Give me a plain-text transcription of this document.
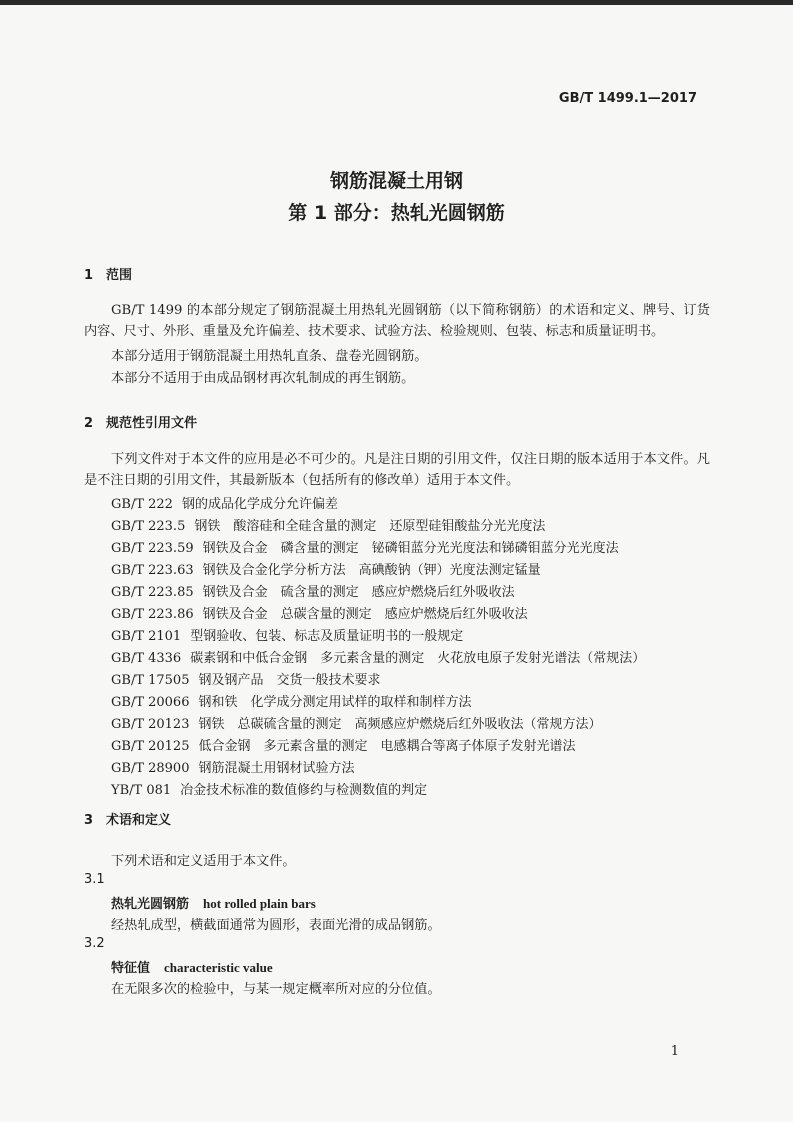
GB/T 1499.1—2017
钢筋混凝土用钢
第 1 部分：热轧光圆钢筋
1 范围
GB/T 1499 的本部分规定了钢筋混凝土用热轧光圆钢筋（以下简称钢筋）的术语和定义、牌号、订货内容、尺寸、外形、重量及允许偏差、技术要求、试验方法、检验规则、包装、标志和质量证明书。
本部分适用于钢筋混凝土用热轧直条、盘卷光圆钢筋。
本部分不适用于由成品钢材再次轧制成的再生钢筋。
2 规范性引用文件
下列文件对于本文件的应用是必不可少的。凡是注日期的引用文件，仅注日期的版本适用于本文件。凡是不注日期的引用文件，其最新版本（包括所有的修改单）适用于本文件。
GB/T 222 钢的成品化学成分允许偏差
GB/T 223.5 钢铁　酸溶硅和全硅含量的测定　还原型硅钼酸盐分光光度法
GB/T 223.59 钢铁及合金　磷含量的测定　铋磷钼蓝分光光度法和锑磷钼蓝分光光度法
GB/T 223.63 钢铁及合金化学分析方法　高碘酸钠（钾）光度法测定锰量
GB/T 223.85 钢铁及合金　硫含量的测定　感应炉燃烧后红外吸收法
GB/T 223.86 钢铁及合金　总碳含量的测定　感应炉燃烧后红外吸收法
GB/T 2101 型钢验收、包装、标志及质量证明书的一般规定
GB/T 4336 碳素钢和中低合金钢　多元素含量的测定　火花放电原子发射光谱法（常规法）
GB/T 17505 钢及钢产品　交货一般技术要求
GB/T 20066 钢和铁　化学成分测定用试样的取样和制样方法
GB/T 20123 钢铁　总碳硫含量的测定　高频感应炉燃烧后红外吸收法（常规方法）
GB/T 20125 低合金钢　多元素含量的测定　电感耦合等离子体原子发射光谱法
GB/T 28900 钢筋混凝土用钢材试验方法
YB/T 081 冶金技术标准的数值修约与检测数值的判定
3 术语和定义
下列术语和定义适用于本文件。
3.1
热轧光圆钢筋 hot rolled plain bars
经热轧成型，横截面通常为圆形，表面光滑的成品钢筋。
3.2
特征值 characteristic value
在无限多次的检验中，与某一规定概率所对应的分位值。
1
